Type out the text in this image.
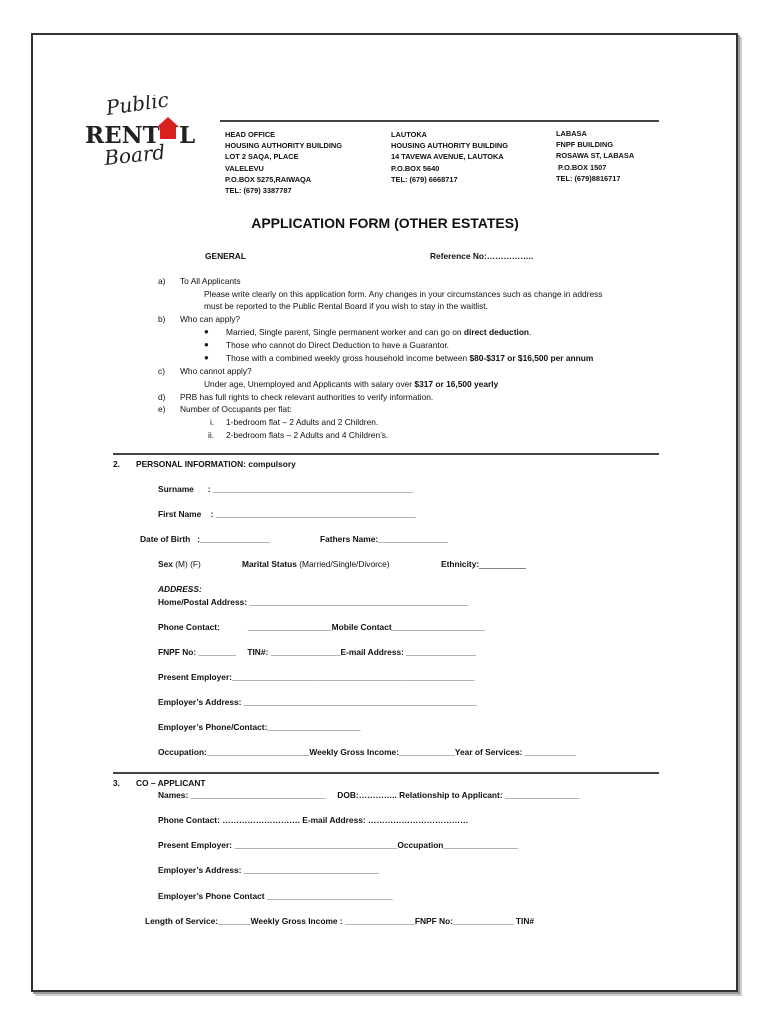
Public
RENT L
Board
HEAD OFFICE
HOUSING AUTHORITY BUILDING
LOT 2 SAQA, PLACE
VALELEVU
P.O.BOX 5275,RAIWAQA
TEL: (679) 3387787
LAUTOKA
HOUSING AUTHORITY BUILDING
14 TAVEWA AVENUE, LAUTOKA
P.O.BOX 5640
TEL: (679) 6668717
LABASA
FNPF BUILDING
ROSAWA ST, LABASA
P.O.BOX 1507
TEL: (679)8816717
APPLICATION FORM (OTHER ESTATES)
GENERAL	Reference No:……………..
a) To All Applicants
Please write clearly on this application form. Any changes in your circumstances such as change in address
must be reported to the Public Rental Board if you wish to stay in the waitlist.
b) Who can apply?
● Married, Single parent, Single permanent worker and can go on direct deduction.
● Those who cannot do Direct Deduction to have a Guarantor.
● Those with a combined weekly gross household income between $80-$317 or $16,500 per annum
c) Who cannot apply?
Under age, Unemployed and Applicants with salary over $317 or 16,500 yearly
d) PRB has full rights to check relevant authorities to verify information.
e) Number of Occupants per flat:
i. 1-bedroom flat – 2 Adults and 2 Children.
ii. 2-bedroom flats – 2 Adults and 4 Children’s.
2. PERSONAL INFORMATION: compulsory
Surname      : ___________________________________________
First Name    : ___________________________________________
Date of Birth   :_______________	Fathers Name:_______________
Sex (M) (F)	Marital Status (Married/Single/Divorce)	Ethnicity:__________
ADDRESS:
Home/Postal Address: _______________________________________________
Phone Contact:            __________________Mobile Contact____________________
FNPF No: ________     TIN#: _______________E-mail Address: _______________
Present Employer:____________________________________________________
Employer’s Address: __________________________________________________
Employer’s Phone/Contact:____________________
Occupation:______________________Weekly Gross Income:____________Year of Services: ___________
3. CO – APPLICANT
Names: _____________________________     DOB:………….. Relationship to Applicant: ________________
Phone Contact: ………………………. E-mail Address: ………………………………
Present Employer: ___________________________________Occupation________________
Employer’s Address: _____________________________
Employer’s Phone Contact ___________________________
Length of Service:_______Weekly Gross Income : _______________FNPF No:_____________ TIN#
